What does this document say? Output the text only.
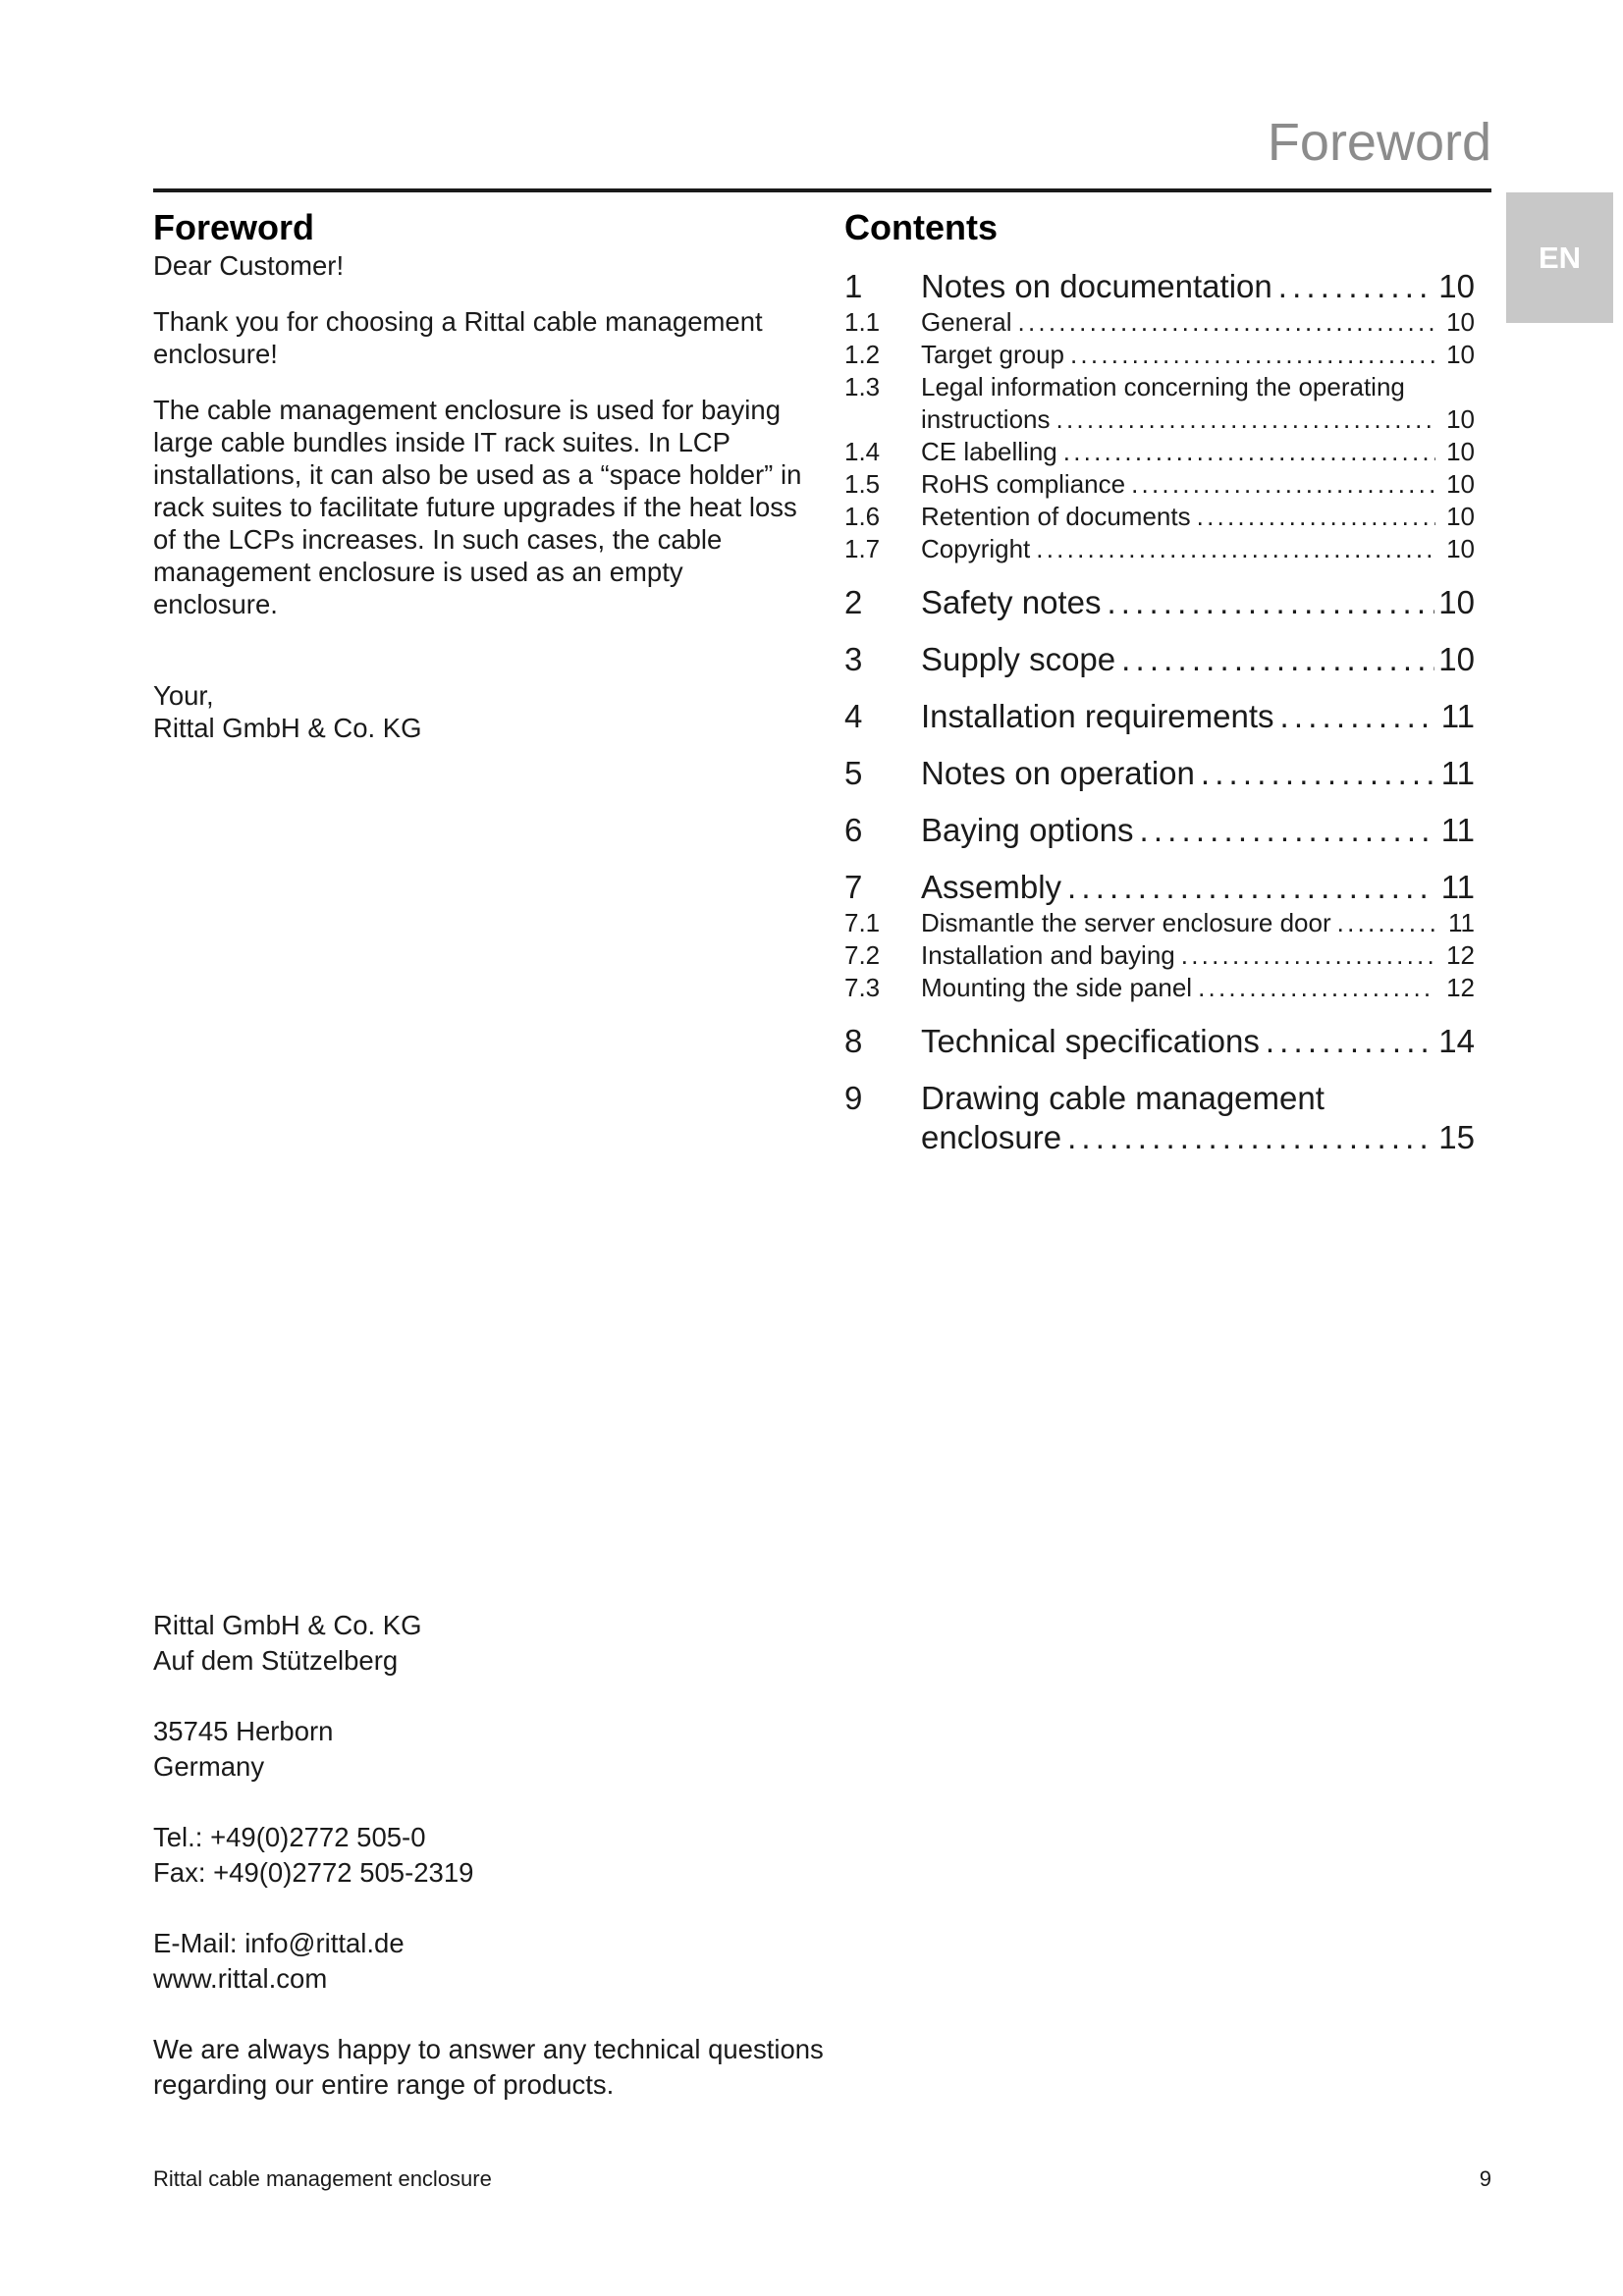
Foreword
EN
Foreword

Dear Customer!

Thank you for choosing a Rittal cable management enclosure!

The cable management enclosure is used for baying large cable bundles inside IT rack suites. In LCP installations, it can also be used as a “space holder” in rack suites to facilitate future upgrades if the heat loss of the LCPs increases. In such cases, the cable management enclosure is used as an empty enclosure.

Your,

Rittal GmbH & Co. KG

Contents
1	Notes on documentation . . .	10
1.1	General . . .	10
1.2	Target group . . .	10
1.3	Legal information concerning the operating
instructions . . .	10
1.4	CE labelling . . .	10
1.5	RoHS compliance . . .	10
1.6	Retention of documents . . .	10
1.7	Copyright . . .	10
2	Safety notes . . .	10
3	Supply scope . . .	10
4	Installation requirements . . .	11
5	Notes on operation . . .	11
6	Baying options . . .	11
7	Assembly . . .	11
7.1	Dismantle the server enclosure door . . .	11
7.2	Installation and baying . . .	12
7.3	Mounting the side panel . . .	12
8	Technical specifications . . .	14
9	Drawing cable management
enclosure . . .	15

Rittal GmbH & Co. KG

Auf dem Stützelberg

35745 Herborn

Germany

Tel.: +49(0)2772 505-0

Fax: +49(0)2772 505-2319

E-Mail: info@rittal.de

www.rittal.com

We are always happy to answer any technical questions regarding our entire range of products.

Rittal cable management enclosure	9
